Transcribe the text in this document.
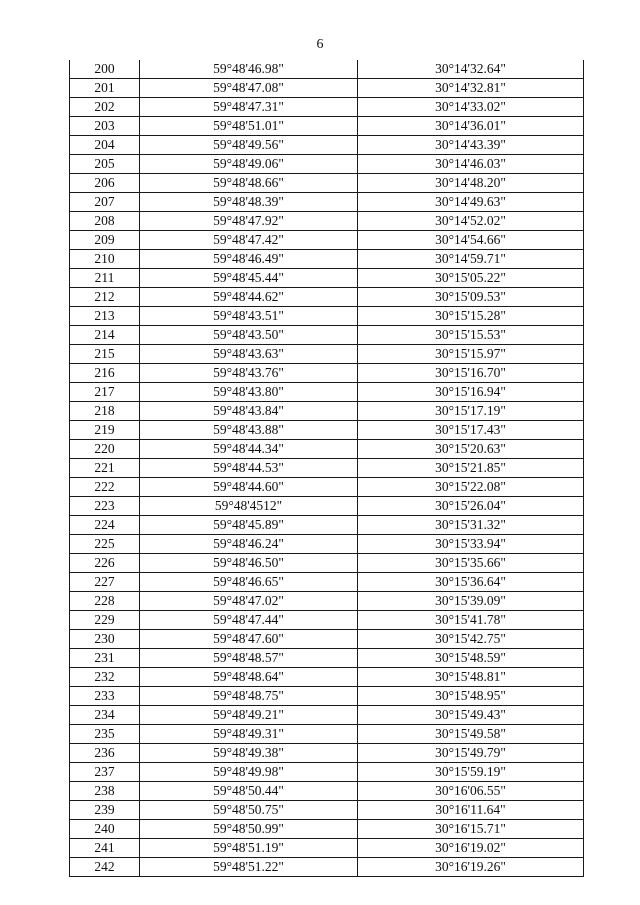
6
200	59°48'46.98"	30°14'32.64"
201	59°48'47.08"	30°14'32.81"
202	59°48'47.31"	30°14'33.02"
203	59°48'51.01"	30°14'36.01"
204	59°48'49.56"	30°14'43.39"
205	59°48'49.06"	30°14'46.03"
206	59°48'48.66"	30°14'48.20"
207	59°48'48.39"	30°14'49.63"
208	59°48'47.92"	30°14'52.02"
209	59°48'47.42"	30°14'54.66"
210	59°48'46.49"	30°14'59.71"
211	59°48'45.44"	30°15'05.22"
212	59°48'44.62"	30°15'09.53"
213	59°48'43.51"	30°15'15.28"
214	59°48'43.50"	30°15'15.53"
215	59°48'43.63"	30°15'15.97"
216	59°48'43.76"	30°15'16.70"
217	59°48'43.80"	30°15'16.94"
218	59°48'43.84"	30°15'17.19"
219	59°48'43.88"	30°15'17.43"
220	59°48'44.34"	30°15'20.63"
221	59°48'44.53"	30°15'21.85"
222	59°48'44.60"	30°15'22.08"
223	59°48'4512"	30°15'26.04"
224	59°48'45.89"	30°15'31.32"
225	59°48'46.24"	30°15'33.94"
226	59°48'46.50"	30°15'35.66"
227	59°48'46.65"	30°15'36.64"
228	59°48'47.02"	30°15'39.09"
229	59°48'47.44"	30°15'41.78"
230	59°48'47.60"	30°15'42.75"
231	59°48'48.57"	30°15'48.59"
232	59°48'48.64"	30°15'48.81"
233	59°48'48.75"	30°15'48.95"
234	59°48'49.21"	30°15'49.43"
235	59°48'49.31"	30°15'49.58"
236	59°48'49.38"	30°15'49.79"
237	59°48'49.98"	30°15'59.19"
238	59°48'50.44"	30°16'06.55"
239	59°48'50.75"	30°16'11.64"
240	59°48'50.99"	30°16'15.71"
241	59°48'51.19"	30°16'19.02"
242	59°48'51.22"	30°16'19.26"
